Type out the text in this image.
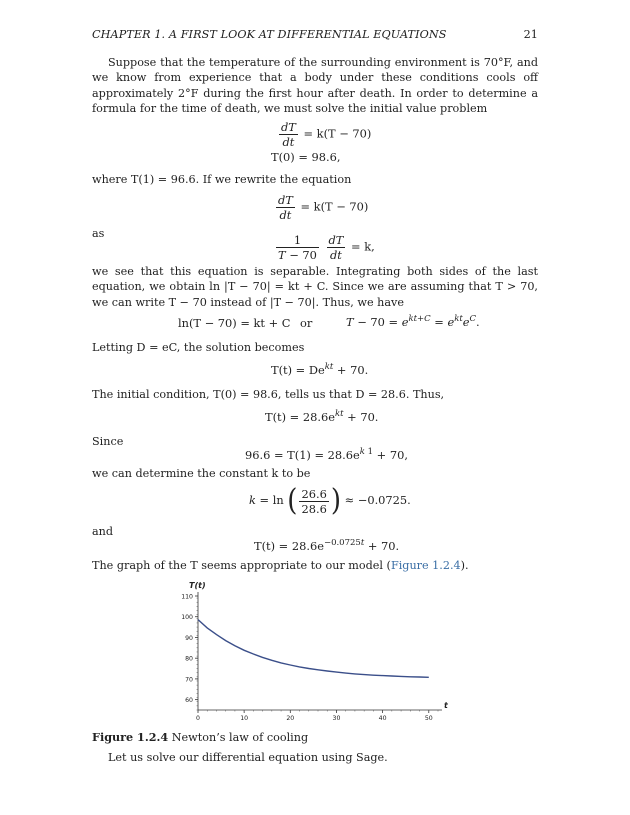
CHAPTER 1. A FIRST LOOK AT DIFFERENTIAL EQUATIONS	21
Suppose that the temperature of the surrounding environment is 70°F, and we know from experience that a body under these conditions cools off approximately 2°F during the first hour after death. In order to determine a formula for the time of death, we must solve the initial value problem
$\frac{dT}{dt} = k(T - 70)$
T(0) = 98.6,
where T(1) = 96.6. If we rewrite the equation
$\frac{dT}{dt} = k(T - 70)$
as	$\frac{1}{T - 70}$
$\frac{dT}{dt} = k$,
we see that this equation is separable. Integrating both sides of the last equation, we obtain ln |T − 70| = kt + C. Since we are assuming that T > 70, we can write T − 70 instead of |T − 70|. Thus, we have
ln(T − 70) = kt + C or	$T - 70 = e^{kt+C} = e^{kt}e^C$.
Letting D = eC, the solution becomes
$T(t) = De^{kt} + 70$.
The initial condition, T(0) = 98.6, tells us that D = 28.6. Thus,
$T(t) = 28.6e^{kt} + 70$.
Since
$96.6 = T(1) = 28.6e^{k 1} + 70$,
we can determine the constant k to be
k = ln ( $\frac{26.6}{28.6}$ ) ≈ −0.0725.
and
$T(t) = 28.6e^{-0.0725t} + 70$.
The graph of the T seems appropriate to our model (Figure 1.2.4).
60
70
80
90
100
110
0	10	20	30	40	50
T(t)
t
Figure 1.2.4 Newton’s law of cooling
Let us solve our differential equation using Sage.
